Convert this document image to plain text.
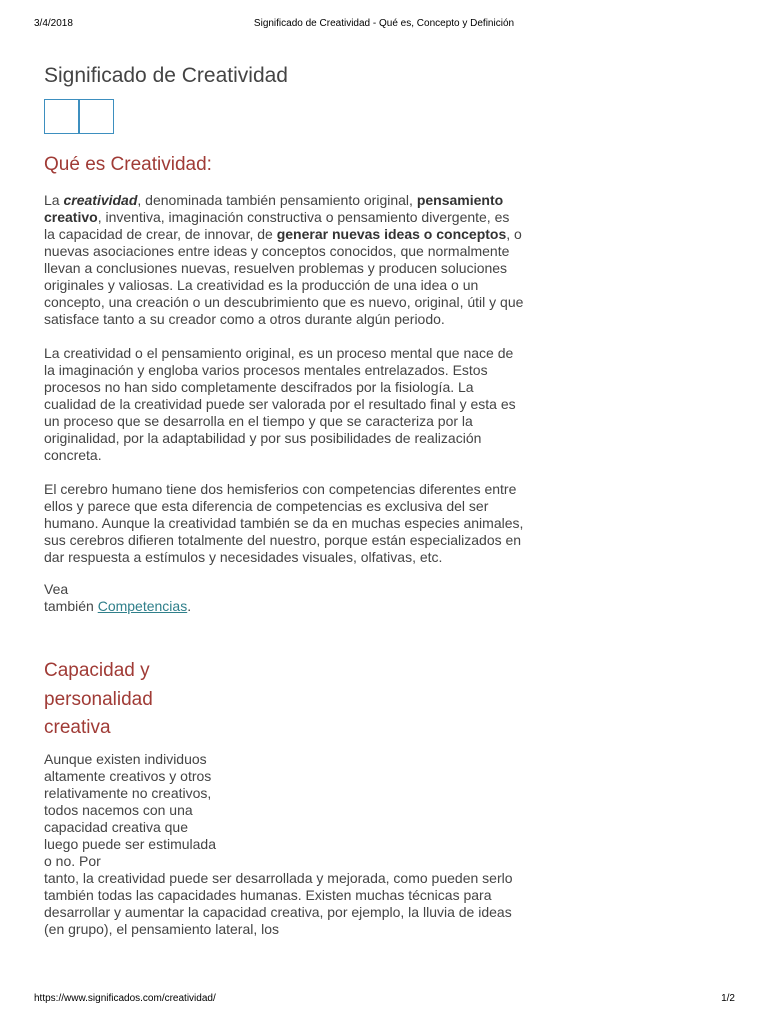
3/4/2018	Significado de Creatividad - Qué es, Concepto y Definición
Significado de Creatividad
Qué es Creatividad:

La creatividad, denominada también pensamiento original, pensamiento creativo, inventiva, imaginación constructiva o pensamiento divergente, es la capacidad de crear, de innovar, de generar nuevas ideas o conceptos, o nuevas asociaciones entre ideas y conceptos conocidos, que normalmente llevan a conclusiones nuevas, resuelven problemas y producen soluciones originales y valiosas. La creatividad es la producción de una idea o un concepto, una creación o un descubrimiento que es nuevo, original, útil y que satisface tanto a su creador como a otros durante algún periodo.

La creatividad o el pensamiento original, es un proceso mental que nace de la imaginación y engloba varios procesos mentales entrelazados. Estos procesos no han sido completamente descifrados por la fisiología. La cualidad de la creatividad puede ser valorada por el resultado final y esta es un proceso que se desarrolla en el tiempo y que se caracteriza por la originalidad, por la adaptabilidad y por sus posibilidades de realización concreta.

El cerebro humano tiene dos hemisferios con competencias diferentes entre ellos y parece que esta diferencia de competencias es exclusiva del ser humano. Aunque la creatividad también se da en muchas especies animales, sus cerebros difieren totalmente del nuestro, porque están especializados en dar respuesta a estímulos y necesidades visuales, olfativas, etc.

Vea
también Competencias.

Capacidad y personalidad creativa

Aunque existen individuos altamente creativos y otros relativamente no creativos, todos nacemos con una capacidad creativa que luego puede ser estimulada o no. Por

tanto, la creatividad puede ser desarrollada y mejorada, como pueden serlo también todas las capacidades humanas. Existen muchas técnicas para desarrollar y aumentar la capacidad creativa, por ejemplo, la lluvia de ideas (en grupo), el pensamiento lateral, los

https://www.significados.com/creatividad/	1/2
